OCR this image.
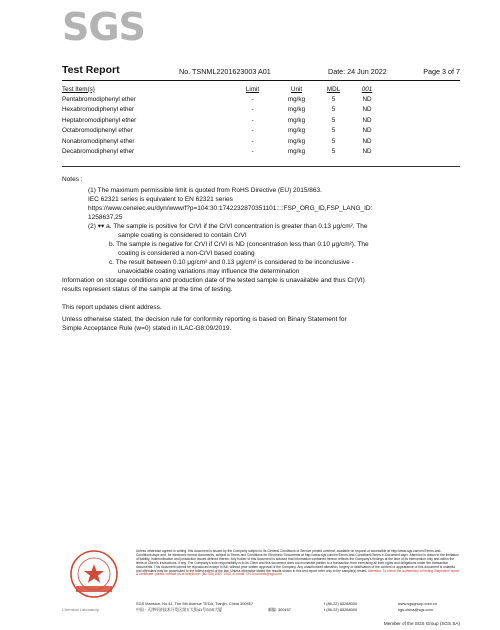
SGS
Test Report	No. TSNML2201623003 A01	Date: 24 Jun 2022	Page 3 of 7
Test Item(s)	Limit	Unit	MDL	001
Pentabromodiphenyl ether	-	mg/kg	5	ND
Hexabromodiphenyl ether	-	mg/kg	5	ND
Heptabromodiphenyl ether	-	mg/kg	5	ND
Octabromodiphenyl ether	-	mg/kg	5	ND
Nonabromodiphenyl ether	-	mg/kg	5	ND
Decabromodiphenyl ether	-	mg/kg	5	ND

Notes :

(1) The maximum permissible limit is quoted from RoHS Directive (EU) 2015/863.

IEC 62321 series is equivalent to EN 62321 series

https://www.cenelec.eu/dyn/www/f?p=104:30:1742232870351101::::FSP_ORG_ID,FSP_LANG_ID:

1258637,25

(2) ▾▾ a. The sample is positive for CrVI if the CrVI concentration is greater than 0.13 μg/cm². The

sample coating is considered to contain CrVI

b. The sample is negative for CrVI if CrVI is ND (concentration less than 0.10 μg/cm²). The

coating is considered a non-CrVI based coating

c. The result between 0.10 μg/cm² and 0.13 μg/cm² is considered to be inconclusive -

unavoidable coating variations may influence the determination

Information on storage conditions and production date of the tested sample is unavailable and thus Cr(VI)

results represent status of the sample at the time of testing.

This report updates client address.

Unless otherwise stated, the decision rule for conformity reporting is based on Binary Statement for

Simple Acceptance Rule (w=0) stated in ILAC-G8:09/2019.

Unless otherwise agreed in writing, this document is issued by the Company subject to its General Conditions of Service printed overleaf, available on request or accessible at http://www.sgs.com/en/Terms-and-Conditions.aspx and, for electronic format documents, subject to Terms and Conditions for Electronic Documents at http://www.sgs.com/en/Terms-and-Conditions/Terms-e-Document.aspx. Attention is drawn to the limitation of liability, indemnification and jurisdiction issues defined therein. Any holder of this document is advised that information contained hereon reflects the Company's findings at the time of its intervention only and within the limits of Client's instructions, if any. The Company's sole responsibility is to its Client and this document does not exonerate parties to a transaction from exercising all their rights and obligations under the transaction documents. This document cannot be reproduced except in full, without prior written approval of the Company. Any unauthorized alteration, forgery or falsification of the content or appearance of this document is unlawful and offenders may be prosecuted to the fullest extent of the law. Unless otherwise stated the results shown in this test report refer only to the sample(s) tested. Attention: To check the authenticity of testing /inspection report & certificate, please contact us at telephone: (86-755) 8307 1443, or email: CN.Doccheck@sgs.com
SGS Mansion, No.41, The 5th Avenue TEDA, Tianjin, China 300457	t (86-22) 65288000	www.sgsgroup.com.cn
中国 · 天津经济技术开发区第五大街41号SGS大厦	邮编: 300457	t (86-22) 65288000	sgs.china@sgs.com
Chemical Laboratory
Member of the SGS Group (SGS SA)
